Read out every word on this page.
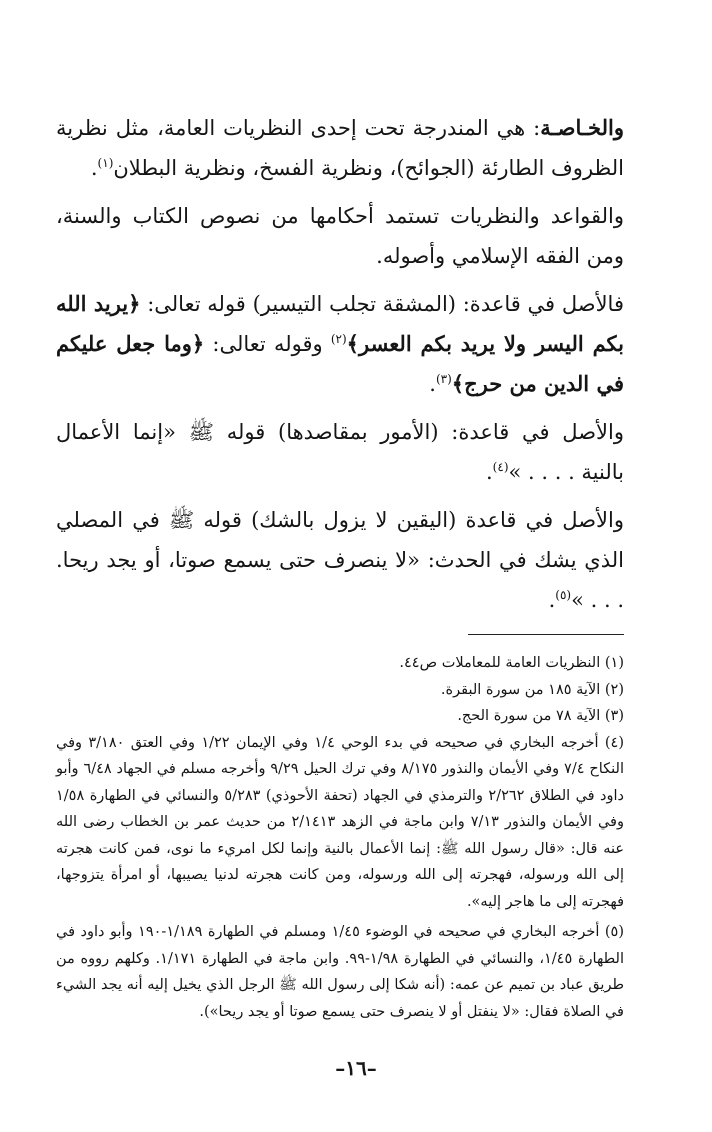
والخـاصـة: هي المندرجة تحت إحدى النظريات العامة، مثل نظرية الظروف الطارئة (الجوائح)، ونظرية الفسخ، ونظرية البطلان$^{(١)}$.

والقواعد والنظريات تستمد أحكامها من نصوص الكتاب والسنة، ومن الفقه الإسلامي وأصوله.

فالأصل في قاعدة: (المشقة تجلب التيسير) قوله تعالى: ﴿يريد الله بكم اليسر ولا يريد بكم العسر﴾$^{(٢)}$ وقوله تعالى: ﴿وما جعل عليكم في الدين من حرج﴾$^{(٣)}$.

والأصل في قاعدة: (الأمور بمقاصدها) قوله ﷺ «إنما الأعمال بالنية . . . . »$^{(٤)}$.

والأصل في قاعدة (اليقين لا يزول بالشك) قوله ﷺ في المصلي الذي يشك في الحدث: «لا ينصرف حتى يسمع صوتا، أو يجد ريحا. . . . »$^{(٥)}$.

(١) النظريات العامة للمعاملات ص٤٤.

(٢) الآية ١٨٥ من سورة البقرة.

(٣) الآية ٧٨ من سورة الحج.

(٤) أخرجه البخاري في صحيحه في بدء الوحي ١/٤ وفي الإيمان ١/٢٢ وفي العتق ٣/١٨٠ وفي النكاح ٧/٤ وفي الأيمان والنذور ٨/١٧٥ وفي ترك الحيل ٩/٢٩ وأخرجه مسلم في الجهاد ٦/٤٨ وأبو داود في الطلاق ٢/٢٦٢ والترمذي في الجهاد (تحفة الأحوذي) ٥/٢٨٣ والنسائي في الطهارة ١/٥٨ وفي الأيمان والنذور ٧/١٣ وابن ماجة في الزهد ٢/١٤١٣ من حديث عمر بن الخطاب رضى الله عنه قال: «قال رسول الله ﷺ: إنما الأعمال بالنية وإنما لكل امريء ما نوى، فمن كانت هجرته إلى الله ورسوله، فهجرته إلى الله ورسوله، ومن كانت هجرته لدنيا يصيبها، أو امرأة يتزوجها، فهجرته إلى ما هاجر إليه».

(٥) أخرجه البخاري في صحيحه في الوضوء ١/٤٥ ومسلم في الطهارة ١/١٨٩-١٩٠ وأبو داود في الطهارة ١/٤٥، والنسائي في الطهارة ١/٩٨-٩٩. وابن ماجة في الطهارة ١/١٧١. وكلهم رووه من طريق عباد بن تميم عن عمه: (أنه شكا إلى رسول الله ﷺ الرجل الذي يخيل إليه أنه يجد الشيء في الصلاة فقال: «لا ينفتل أو لا ينصرف حتى يسمع صوتا أو يجد ريحا»).

–١٦–
